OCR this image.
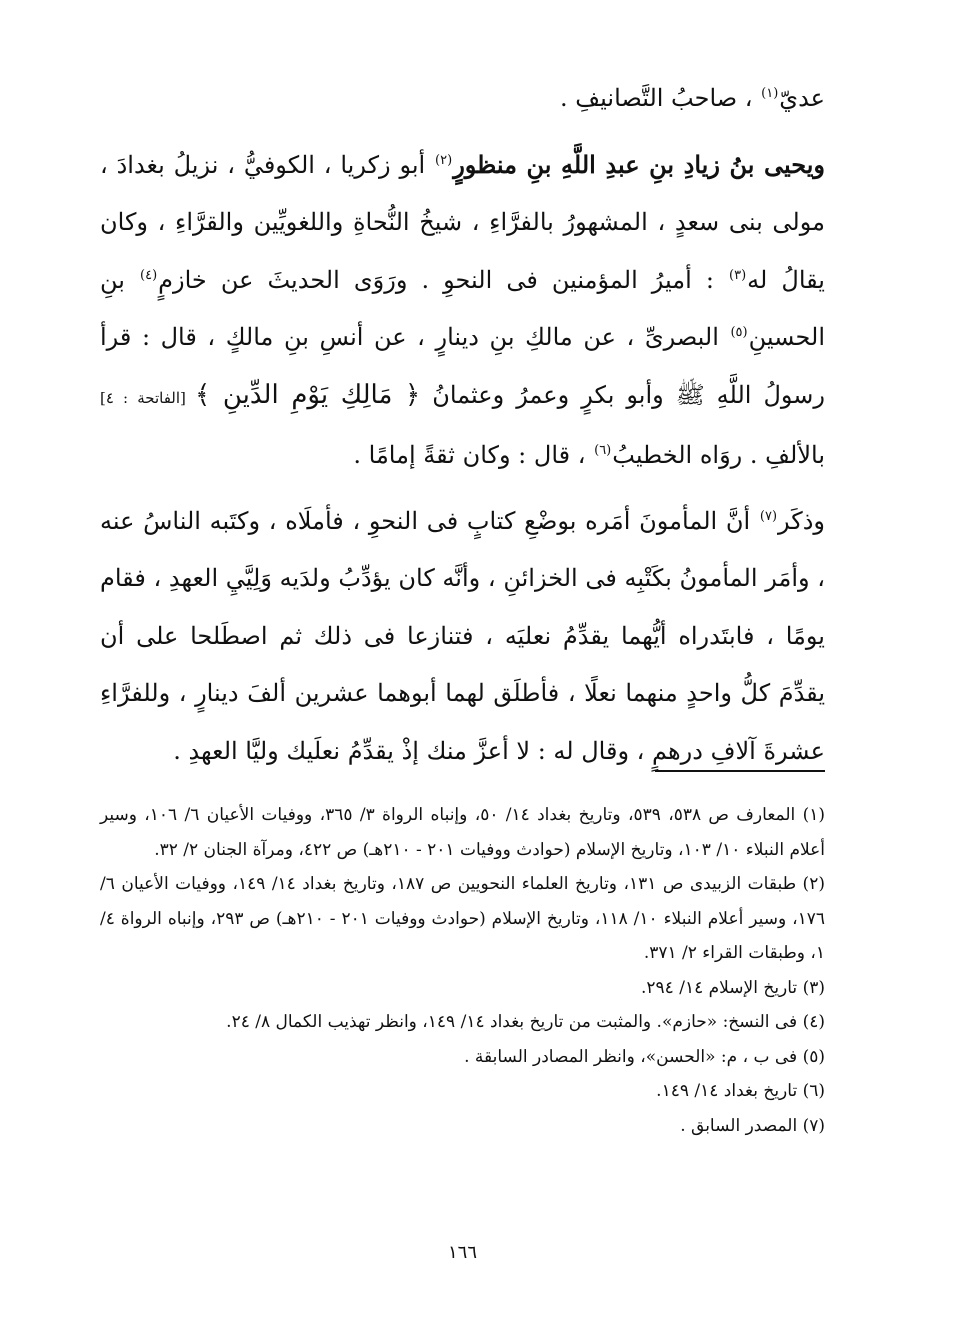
عديّ$^{(١)}$ ، صاحبُ التَّصانيفِ .

ويحيى بنُ زيادِ بنِ عبدِ اللَّهِ بنِ منظورٍ$^{(٢)}$ أبو زكريا ، الكوفيُّ ، نزيلُ بغدادَ ، مولى بنى سعدٍ ، المشهورُ بالفرَّاءِ ، شيخُ النُّحاةِ واللغويِّين والقرَّاءِ ، وكان يقالُ له$^{(٣)}$ : أميرُ المؤمنين فى النحوِ . ورَوَى الحديثَ عن خازمٍ$^{(٤)}$ بنِ الحسينِ$^{(٥)}$ البصرىِّ ، عن مالكِ بنِ دينارٍ ، عن أنسِ بنِ مالكٍ ، قال : قرأ رسولُ اللَّهِ ﷺ وأبو بكرٍ وعمرُ وعثمانُ ﴿ مَالِكِ يَوْمِ الدِّينِ ﴾ [الفاتحة : ٤] بالألفِ . روَاه الخطيبُ$^{(٦)}$ ، قال : وكان ثقةً إمامًا .

وذكَر$^{(٧)}$ أنَّ المأمونَ أمَره بوضْعِ كتابٍ فى النحوِ ، فأملَاه ، وكتَبه الناسُ عنه ، وأمَر المأمونُ بكَتْبِه فى الخزائنِ ، وأنَّه كان يؤدِّبُ ولدَيه وَلِيَّيِ العهدِ ، فقام يومًا ، فابتَدراه أيُّهما يقدِّمُ نعليَه ، فتنازعا فى ذلك ثم اصطَلحا على أن يقدِّمَ كلُّ واحدٍ منهما نعلًا ، فأطلَق لهما أبوهما عشرين ألفَ دينارٍ ، وللفرَّاءِ عشرةَ آلافِ درهمٍ ، وقال له : لا أعزَّ منك إذْ يقدِّمُ نعلَيك وليَّا العهدِ .

(١) المعارف ص ٥٣٨، ٥٣٩، وتاريخ بغداد ١٤/ ٥٠، وإنباه الرواة ٣/ ٣٦٥، ووفيات الأعيان ٦/ ١٠٦، وسير أعلام النبلاء ١٠/ ١٠٣، وتاريخ الإسلام (حوادث ووفيات ٢٠١ - ٢١٠هـ) ص ٤٢٢، ومرآة الجنان ٢/ ٣٢.

(٢) طبقات الزبيدى ص ١٣١، وتاريخ العلماء النحويين ص ١٨٧، وتاريخ بغداد ١٤/ ١٤٩، ووفيات الأعيان ٦/ ١٧٦، وسير أعلام النبلاء ١٠/ ١١٨، وتاريخ الإسلام (حوادث ووفيات ٢٠١ - ٢١٠هـ) ص ٢٩٣، وإنباه الرواة ٤/ ١، وطبقات القراء ٢/ ٣٧١.

(٣) تاريخ الإسلام ١٤/ ٢٩٤.

(٤) فى النسخ: «حازم». والمثبت من تاريخ بغداد ١٤/ ١٤٩، وانظر تهذيب الكمال ٨/ ٢٤.

(٥) فى ب ، م: «الحسن»، وانظر المصادر السابقة .

(٦) تاريخ بغداد ١٤/ ١٤٩.

(٧) المصدر السابق .

١٦٦
